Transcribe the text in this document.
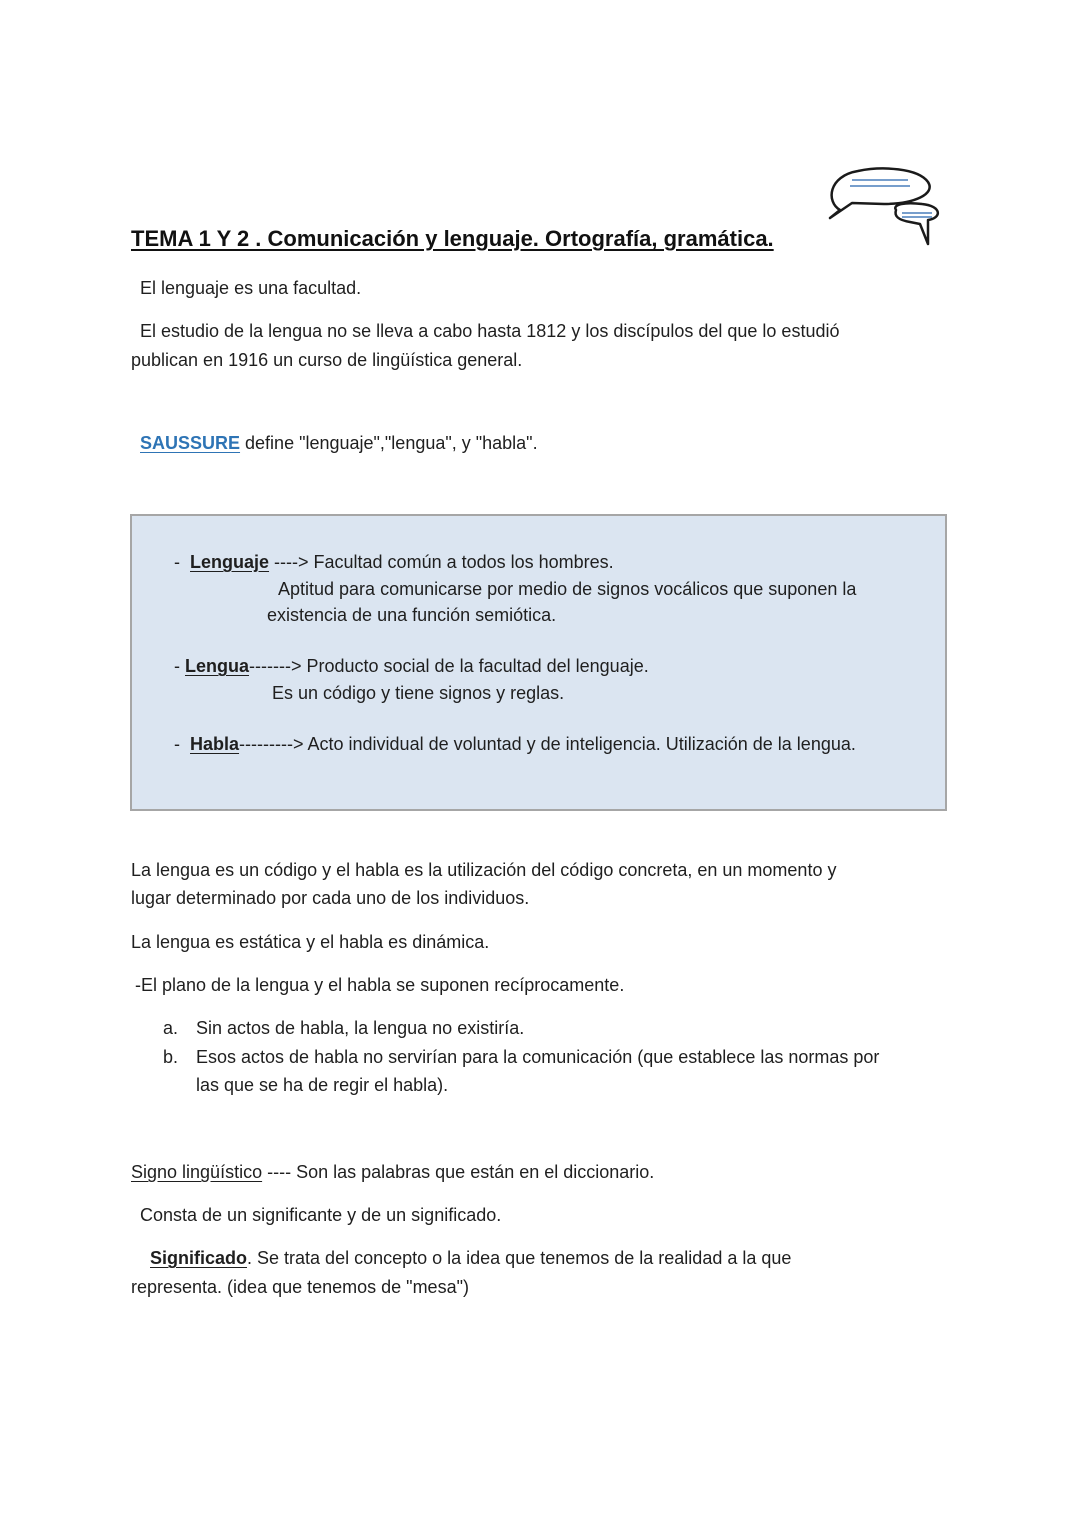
TEMA 1 Y 2 . Comunicación y lenguaje. Ortografía, gramática.
El lenguaje es una facultad.
El estudio de la lengua no se lleva a cabo hasta 1812 y los discípulos del que lo estudió
publican en 1916 un curso de lingüística general.
SAUSSURE define "lenguaje","lengua", y "habla".
- Lenguaje ----> Facultad común a todos los hombres.
Aptitud para comunicarse por medio de signos vocálicos que suponen la
existencia de una función semiótica.
- Lengua-------> Producto social de la facultad del lenguaje.
Es un código y tiene signos y reglas.
- Habla---------> Acto individual de voluntad y de inteligencia. Utilización de la lengua.
La lengua es un código y el habla es la utilización del código concreta, en un momento y
lugar determinado por cada uno de los individuos.
La lengua es estática y el habla es dinámica.
-El plano de la lengua y el habla se suponen recíprocamente.
a. Sin actos de habla, la lengua no existiría.
b. Esos actos de habla no servirían para la comunicación (que establece las normas por
las que se ha de regir el habla).
Signo lingüístico ---- Son las palabras que están en el diccionario.
Consta de un significante y de un significado.
Significado. Se trata del concepto o la idea que tenemos de la realidad a la que
representa. (idea que tenemos de "mesa")
